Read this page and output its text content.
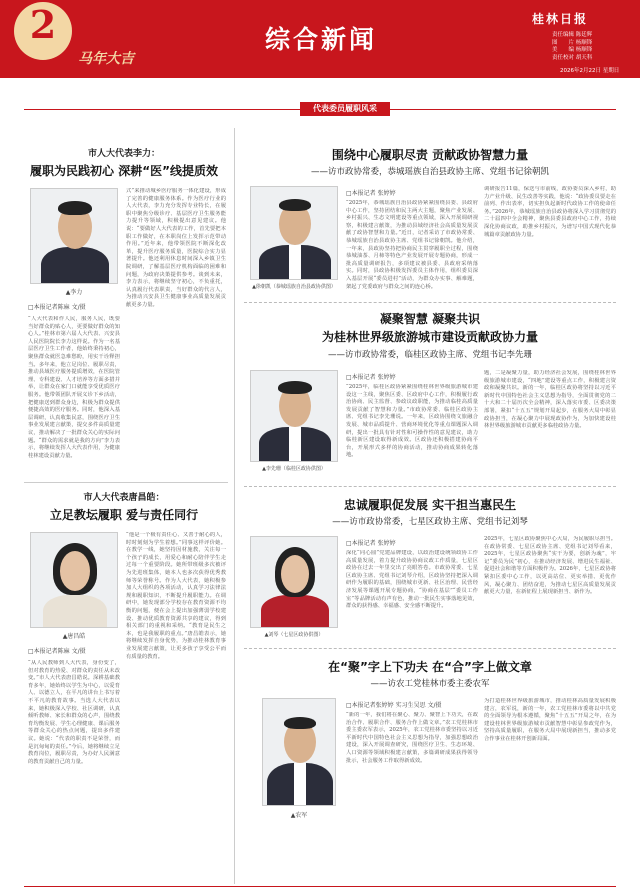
2
马年大吉
综合新闻
桂林日报
责任编辑 陈廷辉
图　　片 杨顺锋
美　　编 杨顺锋
责任校对 胡天科
2026年2月22日 星期日
代表委员履职风采
市人大代表李力：
履职为民践初心 深耕“医”线提质效
▲李力
□本报记者陈麻 文/摄
“人大代表和作人民，服务人民，既要当好群众的贴心人，更要做好群众的知心人。”桂林市第六届人大代表、兴安县人民医院院长李力这样说。作为一名基层医疗卫生工作者，他始终秉持初心，聚焦群众就医急难愁盼，用实干诠释担当。多年来，他立足岗位、履职尽责，推动县域医疗服务提质增效，在医院管理、专科建设、人才培养等方面多措并举，让群众在家门口就能享受优质医疗服务。他带领团队开展义诊下乡活动，把健康送到群众身边，积极为群众提供便捷高效的医疗服务。同时，他深入基层调研，认真收集民意，围绕医疗卫生事业发展建言献策，提交多件高质量建议，推动解决了一批群众关心的实际问题。“群众的需求就是我的方向”李力表示，将继续发挥人大代表作用，为健康桂林建设贡献力量。
式”来推动城乡医疗服务一体化建设，形成了完善的健康服务体系。作为医疗行业的人大代表，李力充分发挥专业特长，在履职中聚焦分级诊疗、基层医疗卫生服务能力提升等领域，积极提出意见建议。他说：“要做好人大代表的工作，首先要把本职工作做好，在本职岗位上发挥示范带动作用。”近年来，他带领医院不断深化改革，提升医疗服务质量，医院综合实力显著提升。他还利用休息时间深入乡镇卫生院调研，了解基层医疗机构面临的困难和问题，为政府决策提供参考。谈到未来，李力表示，将继续坚守初心，不负重托，认真履行代表职责，当好群众的代言人，为推动兴安县卫生健康事业高质量发展贡献更多力量。
市人大代表唐昌皓：
立足教坛履职 爱与责任同行
▲唐昌皓
□本报记者陈麻 文/摄
“从人民教师到人大代表，身份变了，但对教育的热爱、对群众的责任从未改变。”市人大代表唐昌皓说。深耕基础教育多年，她始终以学生为中心，以爱育人、以德立人，在平凡的讲台上书写着不平凡的教育故事。当选人大代表以来，她积极深入学校、社区调研，认真倾听教师、家长和群众的心声，围绕教育均衡发展、学生心理健康、课后服务等群众关心的热点问题，提出多件建议。她说：“代表的职责不是荣誉，而是沉甸甸的责任。”今后，她将继续立足教育岗位，履职尽责，为办好人民满意的教育贡献自己的力量。
“他是一个极有责任心、又善于耐心的人，时时刻刻为学生着想。”同事这样评价她。在教学一线，她坚持因材施教，关注每一个孩子的成长，用爱心和耐心陪伴学生走过每一个重要阶段。她所带班级多次被评为先进班集体，她本人也多次获得优秀教师等荣誉称号。作为人大代表，她积极参加人大组织的各项活动，认真学习法律法规和履职知识，不断提升履职能力。在调研中，她发现部分学校存在教育资源不均衡的问题，便在会上提出加强薄弱学校建设、推动优质教育资源共享的建议，得到相关部门的重视和采纳。“教育是民生之本，也是我履职的重点。”唐昌皓表示，她将继续发挥自身优势，为推动桂林教育事业发展建言献策，让更多孩子享受公平而有质量的教育。
围绕中心履职尽责 贡献政协智慧力量
——访市政协常委，恭城瑶族自治县政协主席、党组书记徐朝凯
▲徐朝凯（恭城瑶族自治县政协供图）
□本报记者 张婷婷
“2025年，恭城瑶族自治县政协紧紧围绕县委、县政府中心工作，坚持团结和民主两大主题，聚焦产业发展、乡村振兴、生态文明建设等重点领域，深入开展调研视察，积极建言献策，为推动县域经济社会高质量发展贡献了政协智慧和力量。”近日，记者采访了市政协常委、恭城瑶族自治县政协主席、党组书记徐朝凯。他介绍，一年来，县政协坚持把协商民主贯穿履职全过程，围绕恭城油茶、月柿等特色产业发展开展专题协商，形成一批高质量调研报告，多项建议被县委、县政府采纳落实。同时，县政协积极发挥委员主体作用，组织委员深入基层开展“委员进村”活动，为群众办实事、解难题，架起了党委政府与群众之间的连心桥。
调研报告11篇，保送与市前线，政协委员深入乡村，助力产业升级、民生改善等实践，他说：“政协委员要走在前列、作出表率，切实担负起新时代政协工作的使命任务。”2026年，恭城瑶族自治县政协将深入学习贯彻党的二十届四中全会精神，聚焦县委县政府中心工作，持续深化协商议政，助推乡村振兴，为谱写中国式现代化恭城篇章贡献政协力量。
凝聚智慧 凝聚共识
为桂林世界级旅游城市建设贡献政协力量
——访市政协常委，临桂区政协主席、党组书记李先珊
▲李先珊（临桂区政协供图）
□本报记者 张婷婷
“2025年，临桂区政协紧紧围绕桂林世界级旅游城市建设这一主线，聚焦区委、区政府中心工作，积极履行政治协商、民主监督、参政议政职能，为推动临桂高质量发展贡献了智慧和力量。”市政协常委、临桂区政协主席、党组书记李先珊说。一年来，区政协围绕文旅融合发展、城市品质提升、营商环境优化等重点课题深入调研，提出一批具有针对性和可操作性的意见建议，助力临桂新区建设取得新成效。区政协还积极搭建协商平台，开展形式多样的协商活动，推动协商成果转化落地。
题，二是凝聚力量，助力经济社会发展，围绕桂林世界级旅游城市建设，“四地”建设等重点工作，积极建言资政和凝聚共识。新的一年，临桂区政协将坚持以习近平新时代中国特色社会主义思想为指导，全面贯彻党的二十大和二十届历次全会精神，深入落实市委、区委决策部署，紧扣“十五五”规划开局起步，在服务大局中彰显政协担当，在凝心聚力中展现政协作为，为加快建设桂林世界级旅游城市贡献更多临桂政协力量。
忠诚履职促发展 实干担当惠民生
——访市政协常委，七星区政协主席、党组书记刘琴
▲刘琴（七星区政协供图）
□本报记者 张婷婷
深化“同心圆”党建品牌建设，以政治建设统领政协工作高质量发展，着力提升政协协商议政工作质量，七星区政协在过去一年里交出了亮眼答卷。市政协常委、七星区政协主席、党组书记刘琴介绍，区政协坚持把深入调研作为履职的基础，围绕城市更新、社区治理、民营经济发展等课题开展专题协商，“协商在基层”“委员工作室”等品牌活动有声有色，推动一批民生实事落地见效，群众的获得感、幸福感、安全感不断提升。
2025年，七星区政协聚焦中心大局，为民履职尽担当。在政协常委、七星区政协主席、党组书记刘琴看来，2025年，七星区政协聚焦“实干为要，创新为魂”，牢记“委员为民”初心，在推动经济发展、增进民生福祉、促进社会和谐等方面积极作为。2026年，七星区政协将紧扣区委中心工作，以更高站位、更实举措、更优作风，凝心聚力、团结奋进，为推动七星区高质量发展贡献更大力量，在新征程上展现新担当、新作为。
在“聚”字上下功夫 在“合”字上做文章
——访农工党桂林市委主委农军
▲农军
□本报记者张婷婷 实习生吴思 文/摄
“新的一年，我们将在聚心、聚力、聚智上下功夫，在政治合作、履职合作、服务合作上做文章。”农工党桂林市委主委农军表示，2025年，农工党桂林市委坚持以习近平新时代中国特色社会主义思想为指导，加强思想政治建设，深入开展调查研究，围绕医疗卫生、生态环境、人口资源等领域积极建言献策，多篇调研成果获得领导批示，社会服务工作取得新成效。
为打造桂林世界级旅游城市，推动桂林高质量发展积极建言，农军说，新的一年，农工党桂林市委将以中共党的全面领导为根本遵循，聚焦“十五五”开局之年，在为建设桂林世界级旅游城市贡献智慧中彰显参政党作为，坚持高质量履职，在服务大局中展现新担当，推动多党合作事业在桂林开创新局面。
